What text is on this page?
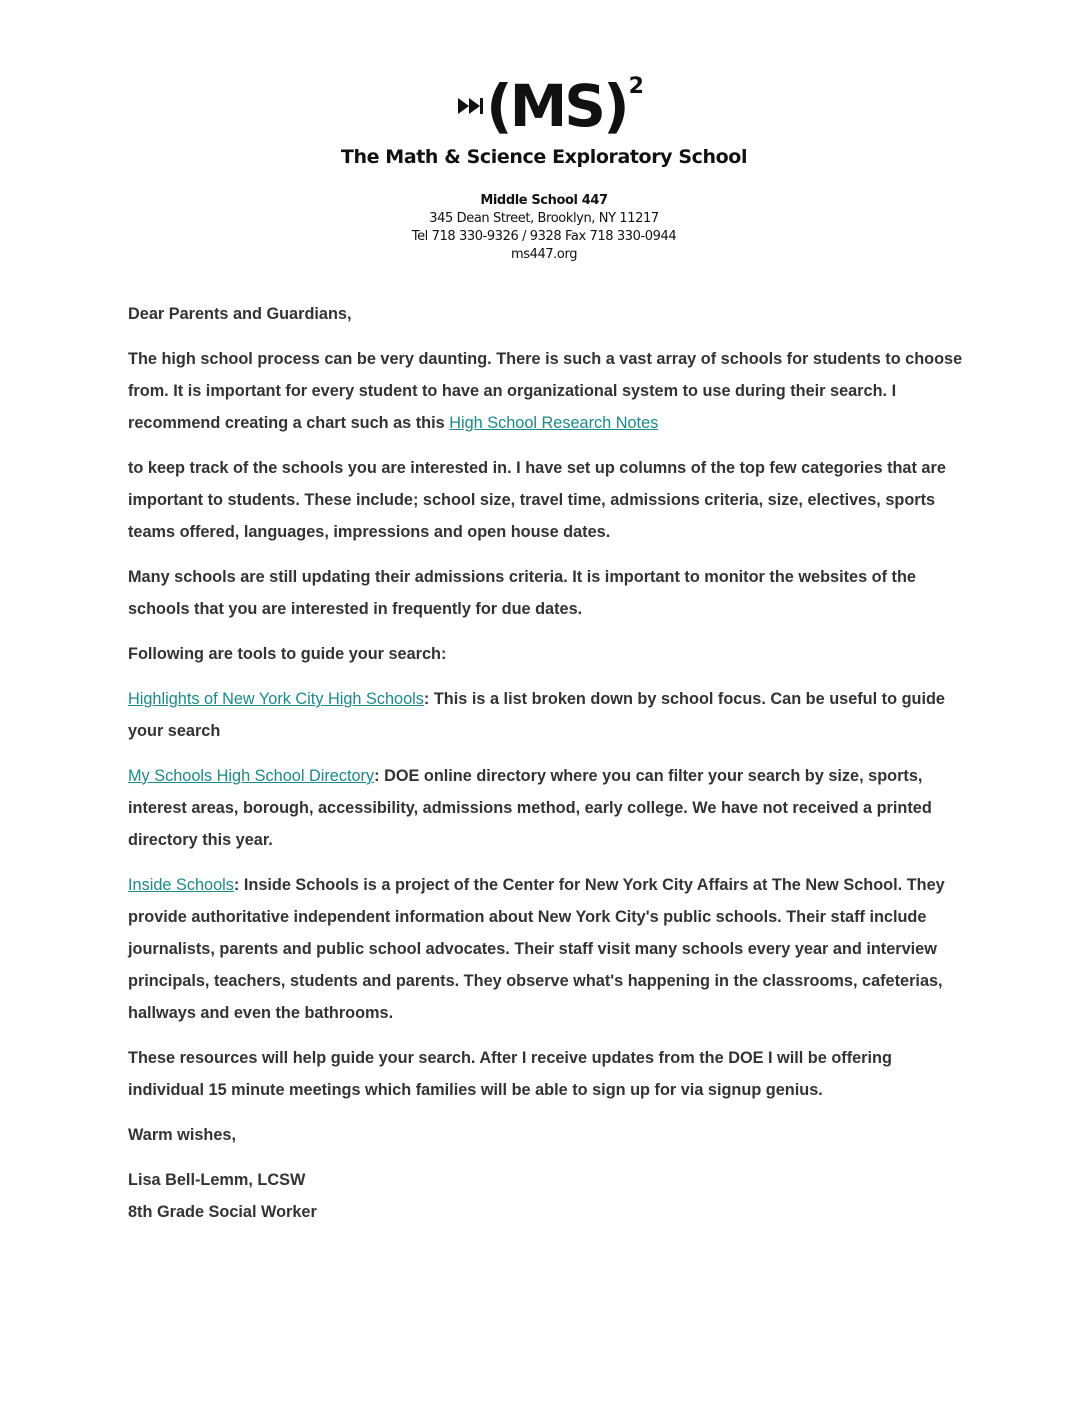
(MS) 2
The Math & Science Exploratory School
Middle School 447
345 Dean Street, Brooklyn, NY 11217
Tel 718 330-9326 / 9328 Fax 718 330-0944
ms447.org

Dear Parents and Guardians,

The high school process can be very daunting. There is such a vast array of schools for students to choose from. It is important for every student to have an organizational system to use during their search. I recommend creating a chart such as this High School Research Notes

to keep track of the schools you are interested in. I have set up columns of the top few categories that are important to students. These include; school size, travel time, admissions criteria, size, electives, sports teams offered, languages, impressions and open house dates.

Many schools are still updating their admissions criteria. It is important to monitor the websites of the schools that you are interested in frequently for due dates.

Following are tools to guide your search:

Highlights of New York City High Schools: This is a list broken down by school focus. Can be useful to guide your search

My Schools High School Directory: DOE online directory where you can filter your search by size, sports, interest areas, borough, accessibility, admissions method, early college. We have not received a printed directory this year.

Inside Schools: Inside Schools is a project of the Center for New York City Affairs at The New School. They provide authoritative independent information about New York City's public schools. Their staff include journalists, parents and public school advocates. Their staff visit many schools every year and interview principals, teachers, students and parents. They observe what's happening in the classrooms, cafeterias, hallways and even the bathrooms.

These resources will help guide your search. After I receive updates from the DOE I will be offering individual 15 minute meetings which families will be able to sign up for via signup genius.

Warm wishes,

Lisa Bell-Lemm, LCSW
8th Grade Social Worker
